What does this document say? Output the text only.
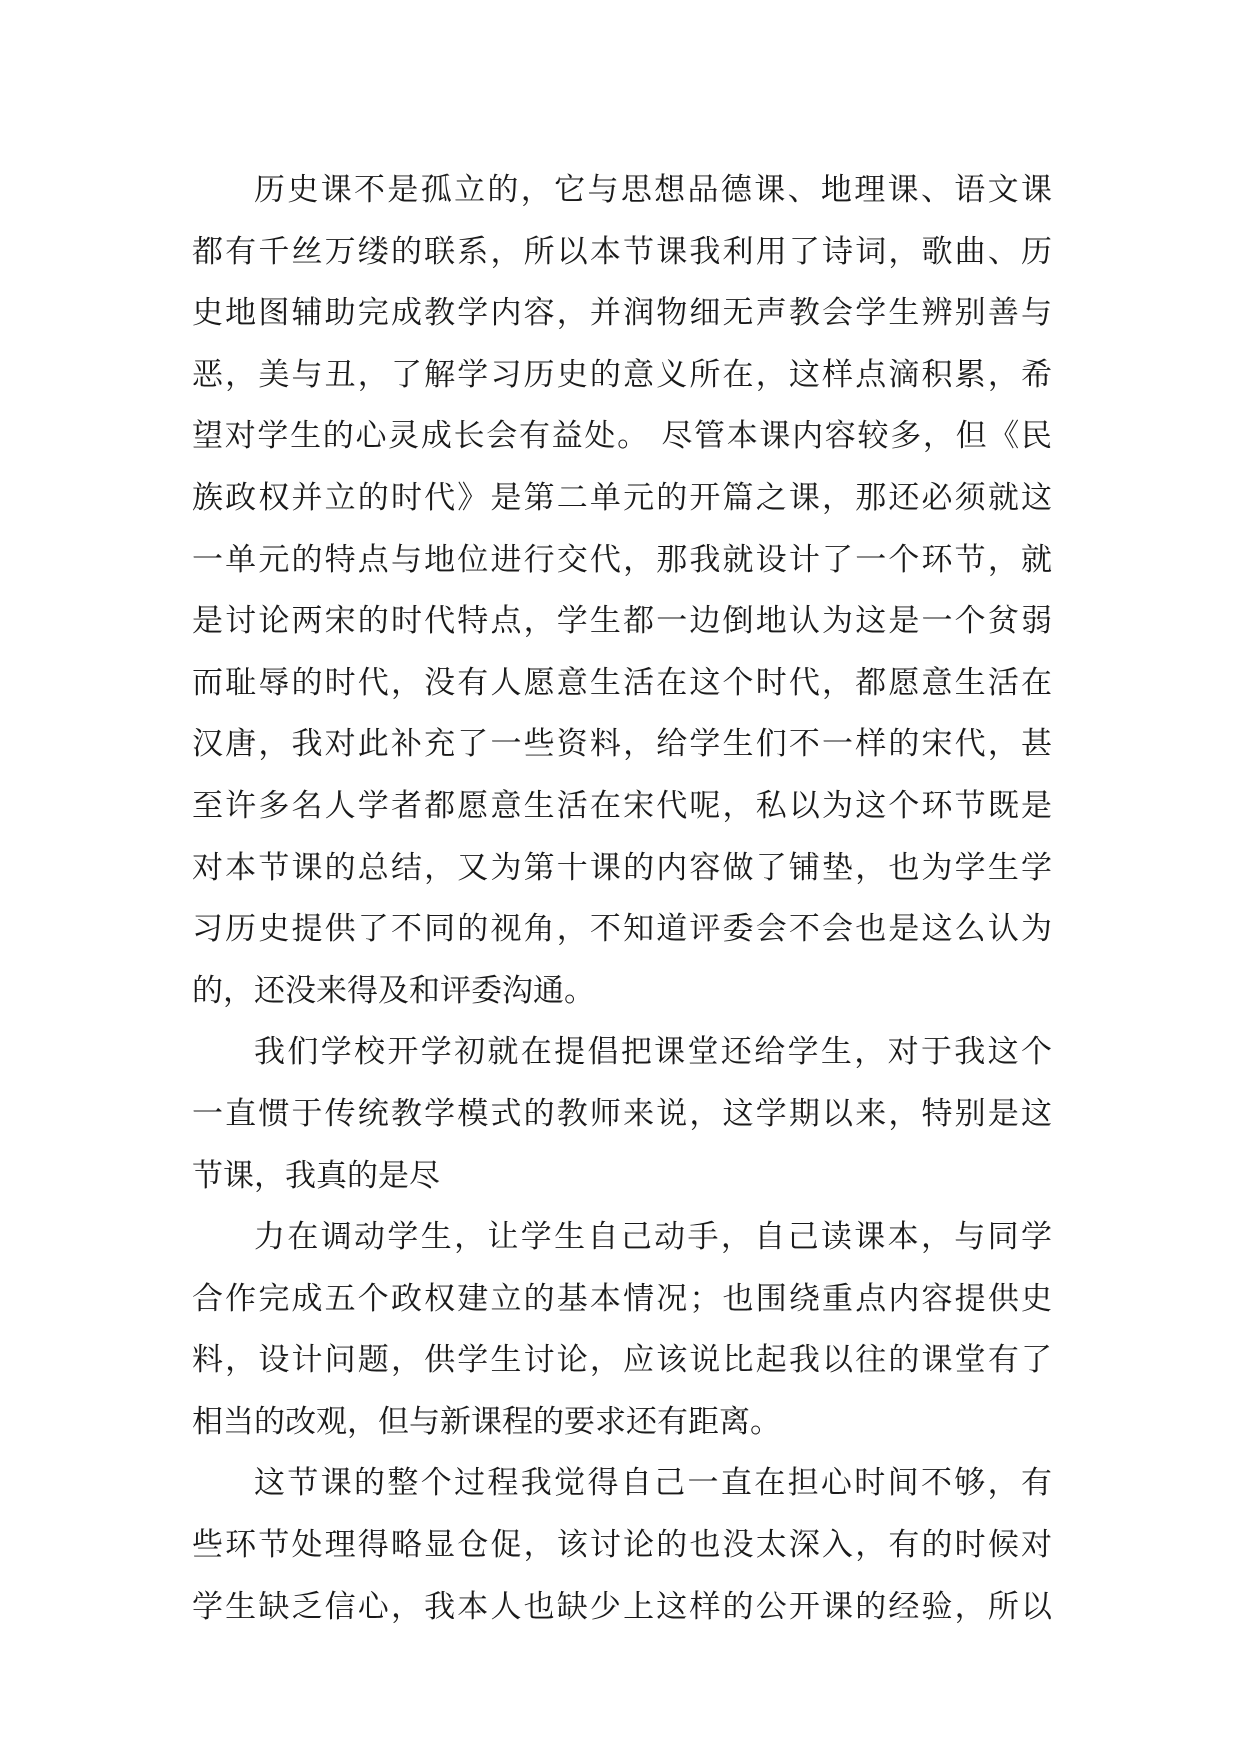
历史课不是孤立的，它与思想品德课、地理课、语文课
都有千丝万缕的联系，所以本节课我利用了诗词，歌曲、历
史地图辅助完成教学内容，并润物细无声教会学生辨别善与
恶，美与丑，了解学习历史的意义所在，这样点滴积累，希
望对学生的心灵成长会有益处。 尽管本课内容较多，但《民
族政权并立的时代》是第二单元的开篇之课，那还必须就这
一单元的特点与地位进行交代，那我就设计了一个环节，就
是讨论两宋的时代特点，学生都一边倒地认为这是一个贫弱
而耻辱的时代，没有人愿意生活在这个时代，都愿意生活在
汉唐，我对此补充了一些资料，给学生们不一样的宋代，甚
至许多名人学者都愿意生活在宋代呢，私以为这个环节既是
对本节课的总结，又为第十课的内容做了铺垫，也为学生学
习历史提供了不同的视角，不知道评委会不会也是这么认为
的，还没来得及和评委沟通。
我们学校开学初就在提倡把课堂还给学生，对于我这个
一直惯于传统教学模式的教师来说，这学期以来，特别是这
节课，我真的是尽
力在调动学生，让学生自己动手，自己读课本，与同学
合作完成五个政权建立的基本情况；也围绕重点内容提供史
料，设计问题，供学生讨论，应该说比起我以往的课堂有了
相当的改观，但与新课程的要求还有距离。
这节课的整个过程我觉得自己一直在担心时间不够，有
些环节处理得略显仓促，该讨论的也没太深入，有的时候对
学生缺乏信心，我本人也缺少上这样的公开课的经验，所以
